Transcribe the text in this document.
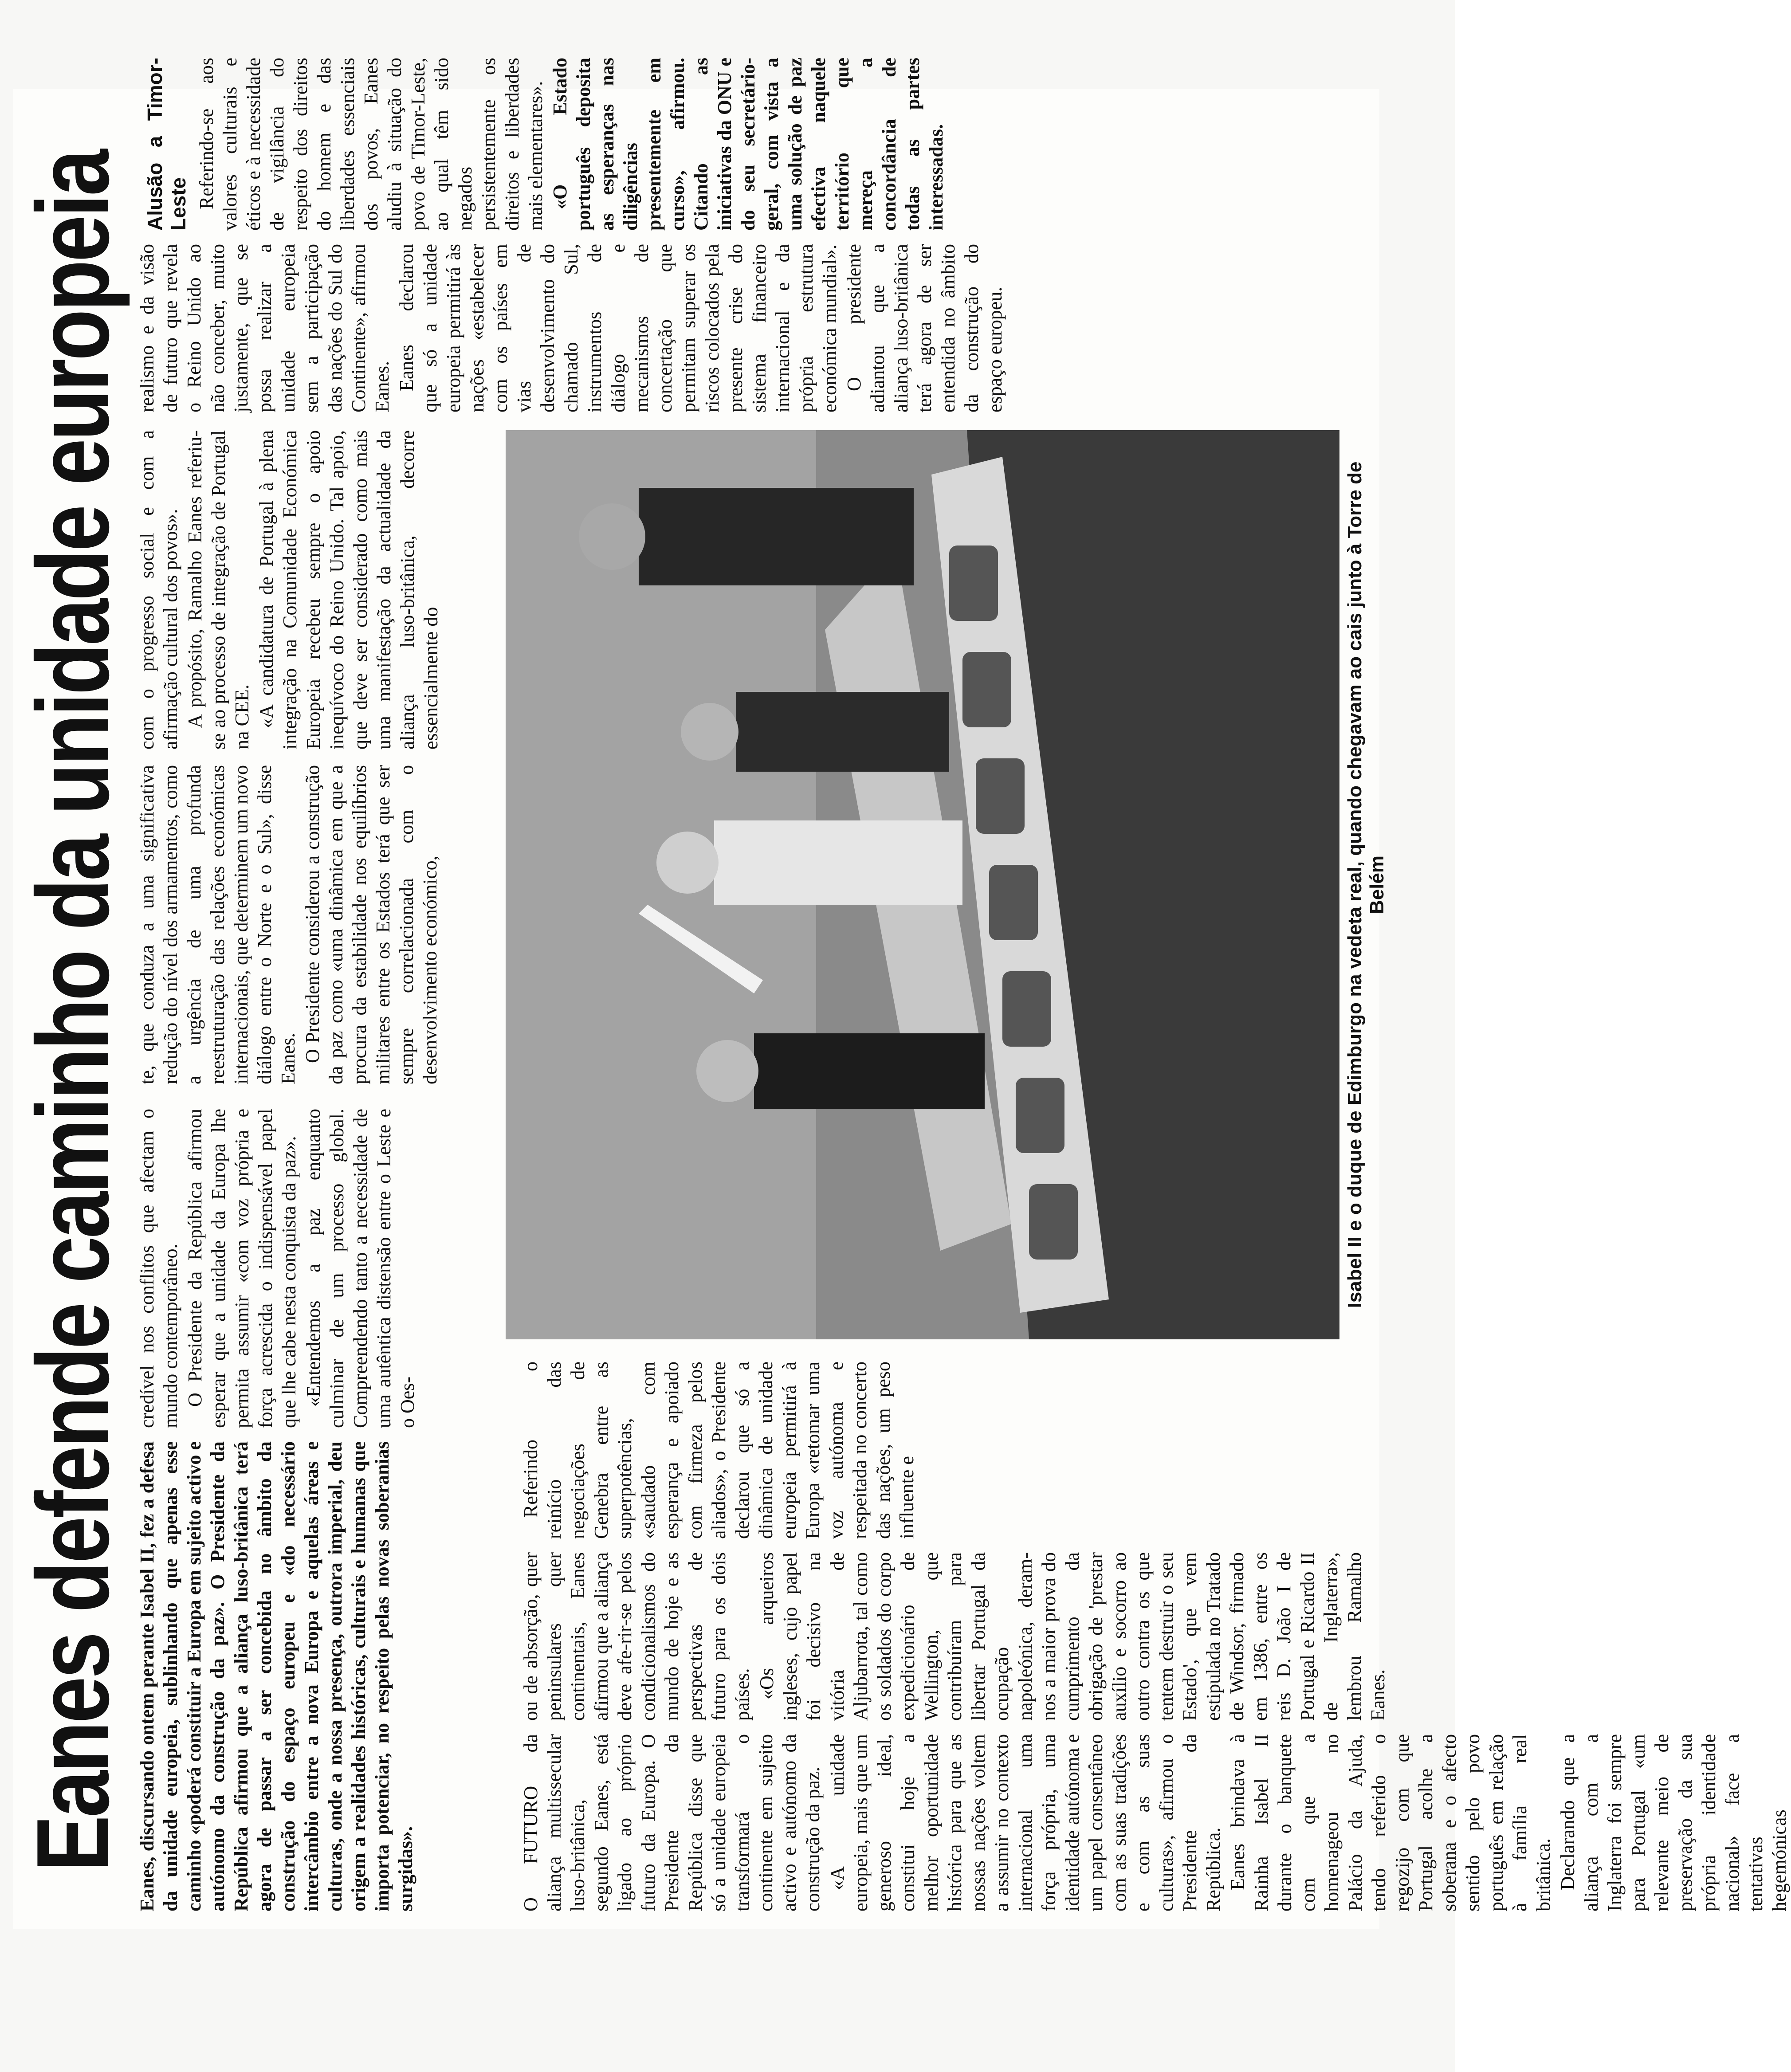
Eanes defende caminho da unidade europeia Eanes, discursando ontem perante Isabel II, fez a defesa da unidade europeia, sublinhando que apenas esse caminho «poderá constituir a Europa em sujeito activo e autónomo da construção da paz». O Presidente da República afirmou que a aliança luso-britânica terá agora de passar a ser concebida no âmbito da construção do espaço europeu e «do necessário intercâmbio entre a nova Europa e aquelas áreas e culturas, onde a nossa presença, outrora imperial, deu origem a realidades históricas, culturais e humanas que importa potenciar, no respeito pelas novas soberanias surgidas».	O FUTURO da aliança multissecular luso-britânica, segundo Eanes, está ligado ao próprio futuro da Europa. O Presidente da República disse que só a unidade europeia transformará o continente em sujeito activo e autónomo da construção da paz. «A unidade europeia, mais que um generoso ideal, constitui hoje a melhor oportunidade histórica para que as nossas nações voltem a assumir no contexto internacional uma força própria, uma identidade autónoma e um papel consentâneo com as suas tradições e com as suas culturas», afirmou o Presidente da República. Eanes brindava à Rainha Isabel II durante o banquete com que a homenageou no Palácio da Ajuda, tendo referido o regozijo com que Portugal acolhe a soberana e o afecto sentido pelo povo português em relação à família real britânica. Declarando que a aliança com a Inglaterra foi sempre para Portugal «um relevante meio de preservação da sua própria identidade nacional» face a tentativas hegemónicas

ou de absorção, quer peninsulares quer continentais, Eanes afirmou que a aliança deve afe-rir-se pelos condicionalismos do mundo de hoje e as perspectivas de futuro para os dois países. «Os arqueiros ingleses, cujo papel foi decisivo na vitória de Aljubarrota, tal como os soldados do corpo expedicionário de Wellington, que contribuíram para libertar Portugal da ocupação napoleónica, deram-nos a maior prova do cumprimento da obrigação de 'prestar auxílio e socorro ao outro contra os que tentem destruir o seu Estado', que vem estipulada no Tratado de Windsor, firmado em 1386, entre os reis D. João I de Portugal e Ricardo II de Inglaterra», lembrou Ramalho Eanes.

Referindo o reinício das negociações de Genebra entre as superpotências, «saudado com esperança e apoiado com firmeza pelos aliados», o Presidente declarou que só a dinâmica de unidade europeia permitirá à Europa «retomar uma voz autónoma e respeitada no concerto das nações, um peso influente e

credível nos conflitos que afectam o mundo contemporâneo. O Presidente da República afirmou esperar que a unidade da Europa lhe permita assumir «com voz própria e força acrescida o indispensável papel que lhe cabe nesta conquista da paz». «Entendemos a paz enquanto culminar de um processo global. Compreendendo tanto a necessidade de uma autêntica distensão entre o Leste e o Oes-

te, que conduza a uma significativa redução do nível dos armamentos, como a urgência de uma profunda reestruturação das relações económicas internacionais, que determinem um novo diálogo entre o Norte e o Sul», disse Eanes. O Presidente considerou a construção da paz como «uma dinâmica em que a procura da estabilidade nos equilíbrios militares entre os Estados terá que ser sempre correlacionada com o desenvolvimento económico,

com o progresso social e com a afirmação cultural dos povos». A propósito, Ramalho Eanes referiu-se ao processo de integração de Portugal na CEE. «A candidatura de Portugal à plena integração na Comunidade Económica Europeia recebeu sempre o apoio inequívoco do Reino Unido. Tal apoio, que deve ser considerado como mais uma manifestação da actualidade da aliança luso-britânica, decorre essencialmente do

realismo e da visão de futuro que revela o Reino Unido ao não conceber, muito justamente, que se possa realizar a unidade europeia sem a participação das nações do Sul do Continente», afirmou Eanes. Eanes declarou que só a unidade europeia permitirá às nações «estabelecer com os países em vias de desenvolvimento do chamado Sul, instrumentos de diálogo e mecanismos de concertação que permitam superar os riscos colocados pela presente crise do sistema financeiro internacional e da própria estrutura económica mundial». O presidente adiantou que a aliança luso-britânica terá agora de ser entendida no âmbito da construção do espaço europeu.

Alusão a Timor-Leste Referindo-se aos valores culturais e éticos e à necessidade de vigilância do respeito dos direitos do homem e das liberdades essenciais dos povos, Eanes aludiu à situação do povo de Timor-Leste, ao qual têm sido negados persistentemente os direitos e liberdades mais elementares». «O Estado português depositа as esperanças nas diligências presentemente em curso», afirmou. Citando as iniciativas da ONU e do seu secretário-geral, com vista a uma solução de paz efectiva naquele território que mereça a concordância de todas as partes interessadas.

Isabel II e o duque de Edimburgo na vedeta real, quando chegavam ao cais junto à Torre de Belém
